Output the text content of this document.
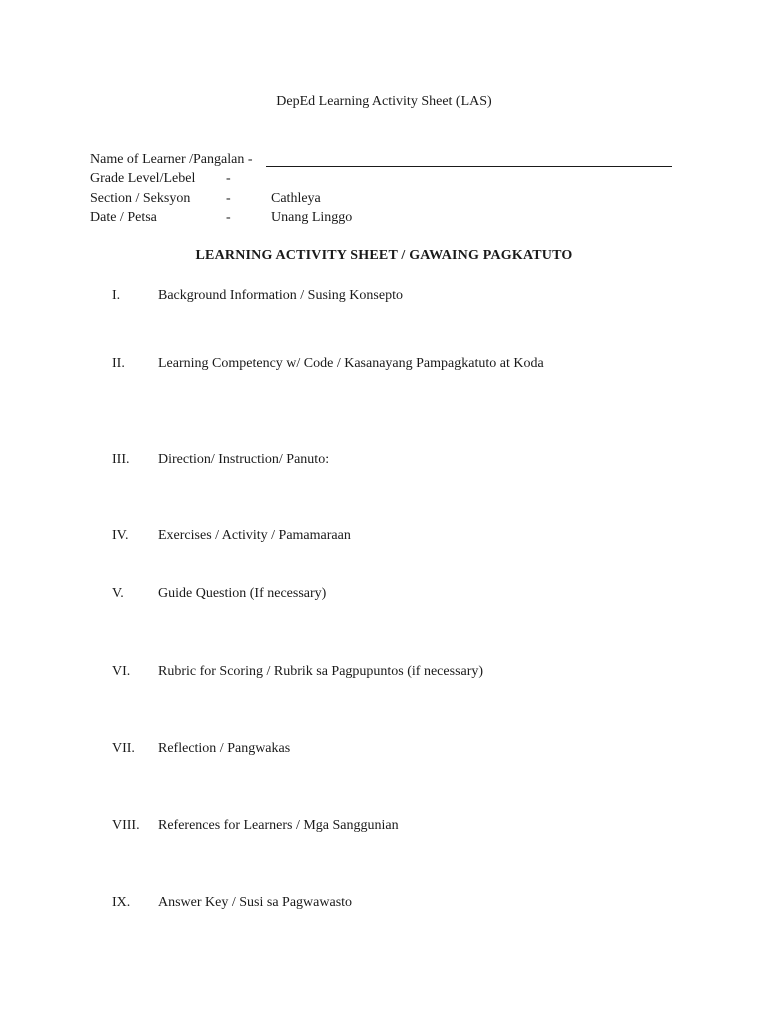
DepEd Learning Activity Sheet (LAS)
Name of Learner /Pangalan -
Grade Level/Lebel -
Section / Seksyon	-	Cathleya
Date / Petsa	-	Unang Linggo
LEARNING ACTIVITY SHEET / GAWAING PAGKATUTO
I.	Background Information / Susing Konsepto
II. Learning Competency w/ Code / Kasanayang Pampagkatuto at Koda
III. Direction/ Instruction/ Panuto:
IV. Exercises / Activity / Pamamaraan
V. Guide Question (If necessary)
VI. Rubric for Scoring / Rubrik sa Pagpupuntos (if necessary)
VII. Reflection / Pangwakas
VIII. References for Learners / Mga Sanggunian
IX. Answer Key / Susi sa Pagwawasto
